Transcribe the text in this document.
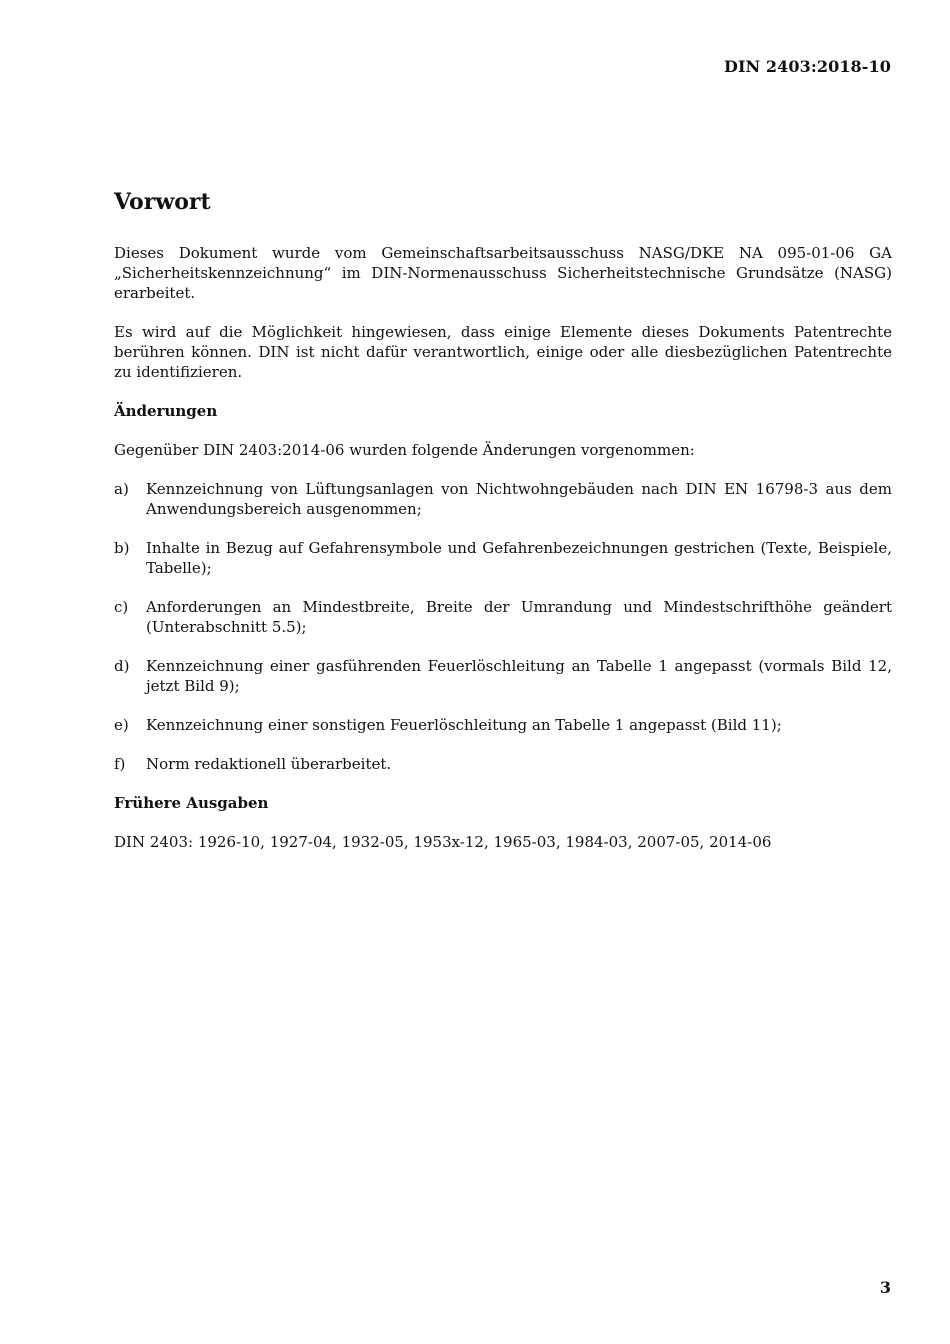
DIN 2403:2018-10
Vorwort

Dieses Dokument wurde vom Gemeinschaftsarbeitsausschuss NASG/DKE NA 095-01-06 GA „Sicherheitskennzeichnung“ im DIN-Normenausschuss Sicherheitstechnische Grundsätze (NASG) erarbeitet.

Es wird auf die Möglichkeit hingewiesen, dass einige Elemente dieses Dokuments Patentrechte berühren können. DIN ist nicht dafür verantwortlich, einige oder alle diesbezüglichen Patentrechte zu identifizieren.

Änderungen

Gegenüber DIN 2403:2014-06 wurden folgende Änderungen vorgenommen:

a)	Kennzeichnung von Lüftungsanlagen von Nichtwohngebäuden nach DIN EN 16798-3 aus dem Anwendungsbereich ausgenommen;
b)	Inhalte in Bezug auf Gefahrensymbole und Gefahrenbezeichnungen gestrichen (Texte, Beispiele, Tabelle);
c)	Anforderungen an Mindestbreite, Breite der Umrandung und Mindestschrifthöhe geändert (Unterabschnitt 5.5);
d)	Kennzeichnung einer gasführenden Feuerlöschleitung an Tabelle 1 angepasst (vormals Bild 12, jetzt Bild 9);
e)	Kennzeichnung einer sonstigen Feuerlöschleitung an Tabelle 1 angepasst (Bild 11);
f)	Norm redaktionell überarbeitet.
Frühere Ausgaben

DIN 2403: 1926-10, 1927-04, 1932-05, 1953x-12, 1965-03, 1984-03, 2007-05, 2014-06

3
